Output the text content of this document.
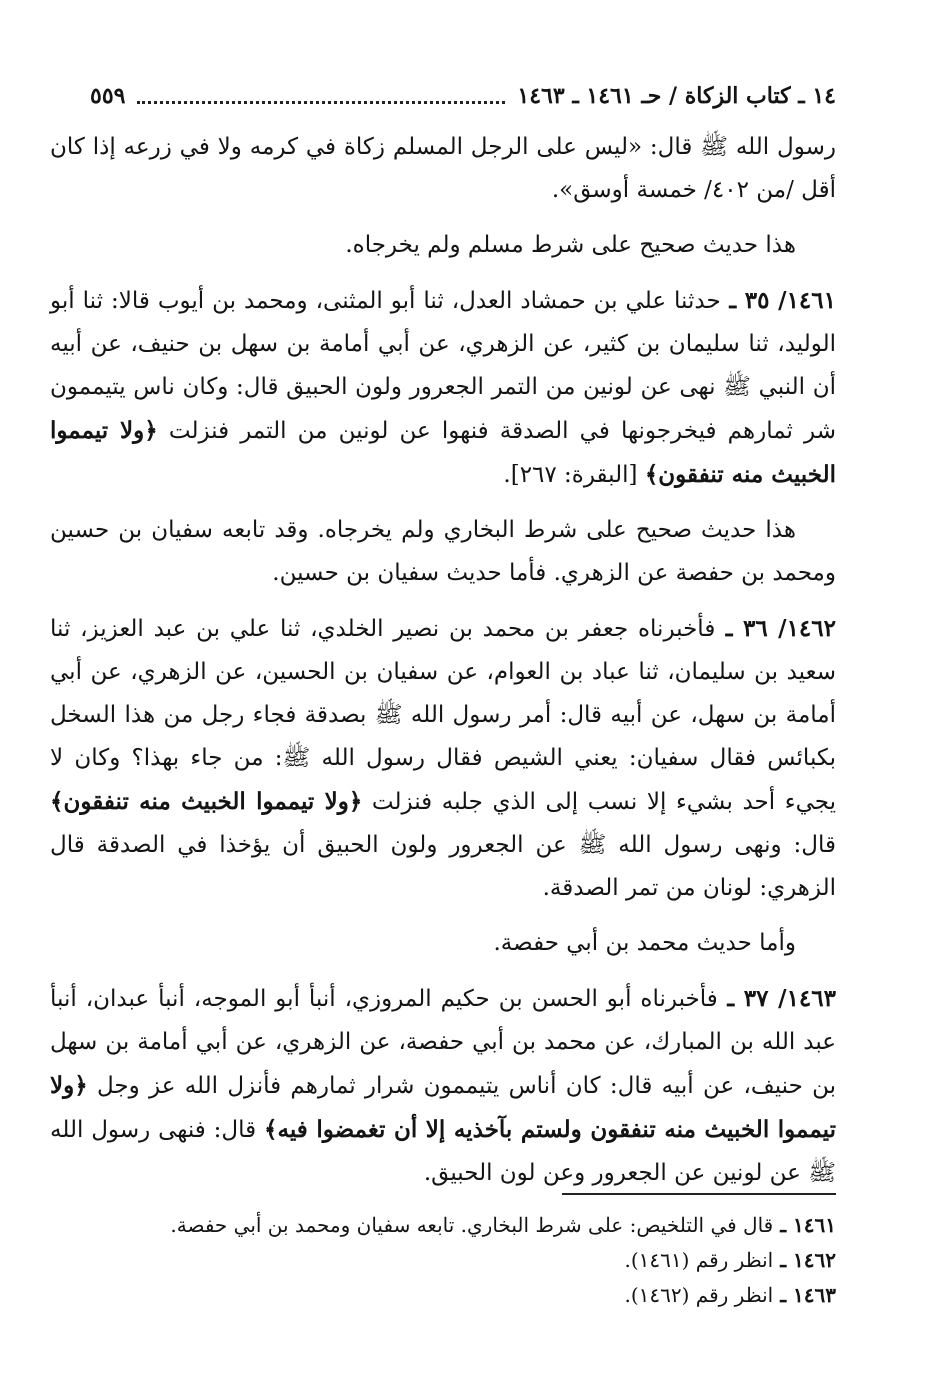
١٤ ـ كتاب الزكاة / حـ ١٤٦١ ـ ١٤٦٣
٥٥٩

رسول الله ﷺ قال: «ليس على الرجل المسلم زكاة في كرمه ولا في زرعه إذا كان أقل /من ٤٠٢/ خمسة أوسق».

هذا حديث صحيح على شرط مسلم ولم يخرجاه.

١٤٦١/ ٣٥ ـ حدثنا علي بن حمشاد العدل، ثنا أبو المثنى، ومحمد بن أيوب قالا: ثنا أبو الوليد، ثنا سليمان بن كثير، عن الزهري، عن أبي أمامة بن سهل بن حنيف، عن أبيه أن النبي ﷺ نهى عن لونين من التمر الجعرور ولون الحبيق قال: وكان ناس يتيممون شر ثمارهم فيخرجونها في الصدقة فنهوا عن لونين من التمر فنزلت ﴿ولا تيمموا الخبيث منه تنفقون﴾ [البقرة: ٢٦٧].

هذا حديث صحيح على شرط البخاري ولم يخرجاه. وقد تابعه سفيان بن حسين ومحمد بن حفصة عن الزهري. فأما حديث سفيان بن حسين.

١٤٦٢/ ٣٦ ـ فأخبرناه جعفر بن محمد بن نصير الخلدي، ثنا علي بن عبد العزيز، ثنا سعيد بن سليمان، ثنا عباد بن العوام، عن سفيان بن الحسين، عن الزهري، عن أبي أمامة بن سهل، عن أبيه قال: أمر رسول الله ﷺ بصدقة فجاء رجل من هذا السخل بكبائس فقال سفيان: يعني الشيص فقال رسول الله ﷺ: من جاء بهذا؟ وكان لا يجيء أحد بشيء إلا نسب إلى الذي جلبه فنزلت ﴿ولا تيمموا الخبيث منه تنفقون﴾ قال: ونهى رسول الله ﷺ عن الجعرور ولون الحبيق أن يؤخذا في الصدقة قال الزهري: لونان من تمر الصدقة.

وأما حديث محمد بن أبي حفصة.

١٤٦٣/ ٣٧ ـ فأخبرناه أبو الحسن بن حكيم المروزي، أنبأ أبو الموجه، أنبأ عبدان، أنبأ عبد الله بن المبارك، عن محمد بن أبي حفصة، عن الزهري، عن أبي أمامة بن سهل بن حنيف، عن أبيه قال: كان أناس يتيممون شرار ثمارهم فأنزل الله عز وجل ﴿ولا تيمموا الخبيث منه تنفقون ولستم بآخذيه إلا أن تغمضوا فيه﴾ قال: فنهى رسول الله ﷺ عن لونين عن الجعرور وعن لون الحبيق.

١٤٦١ ـ قال في التلخيص: على شرط البخاري. تابعه سفيان ومحمد بن أبي حفصة.
١٤٦٢ ـ انظر رقم (١٤٦١).
١٤٦٣ ـ انظر رقم (١٤٦٢).
